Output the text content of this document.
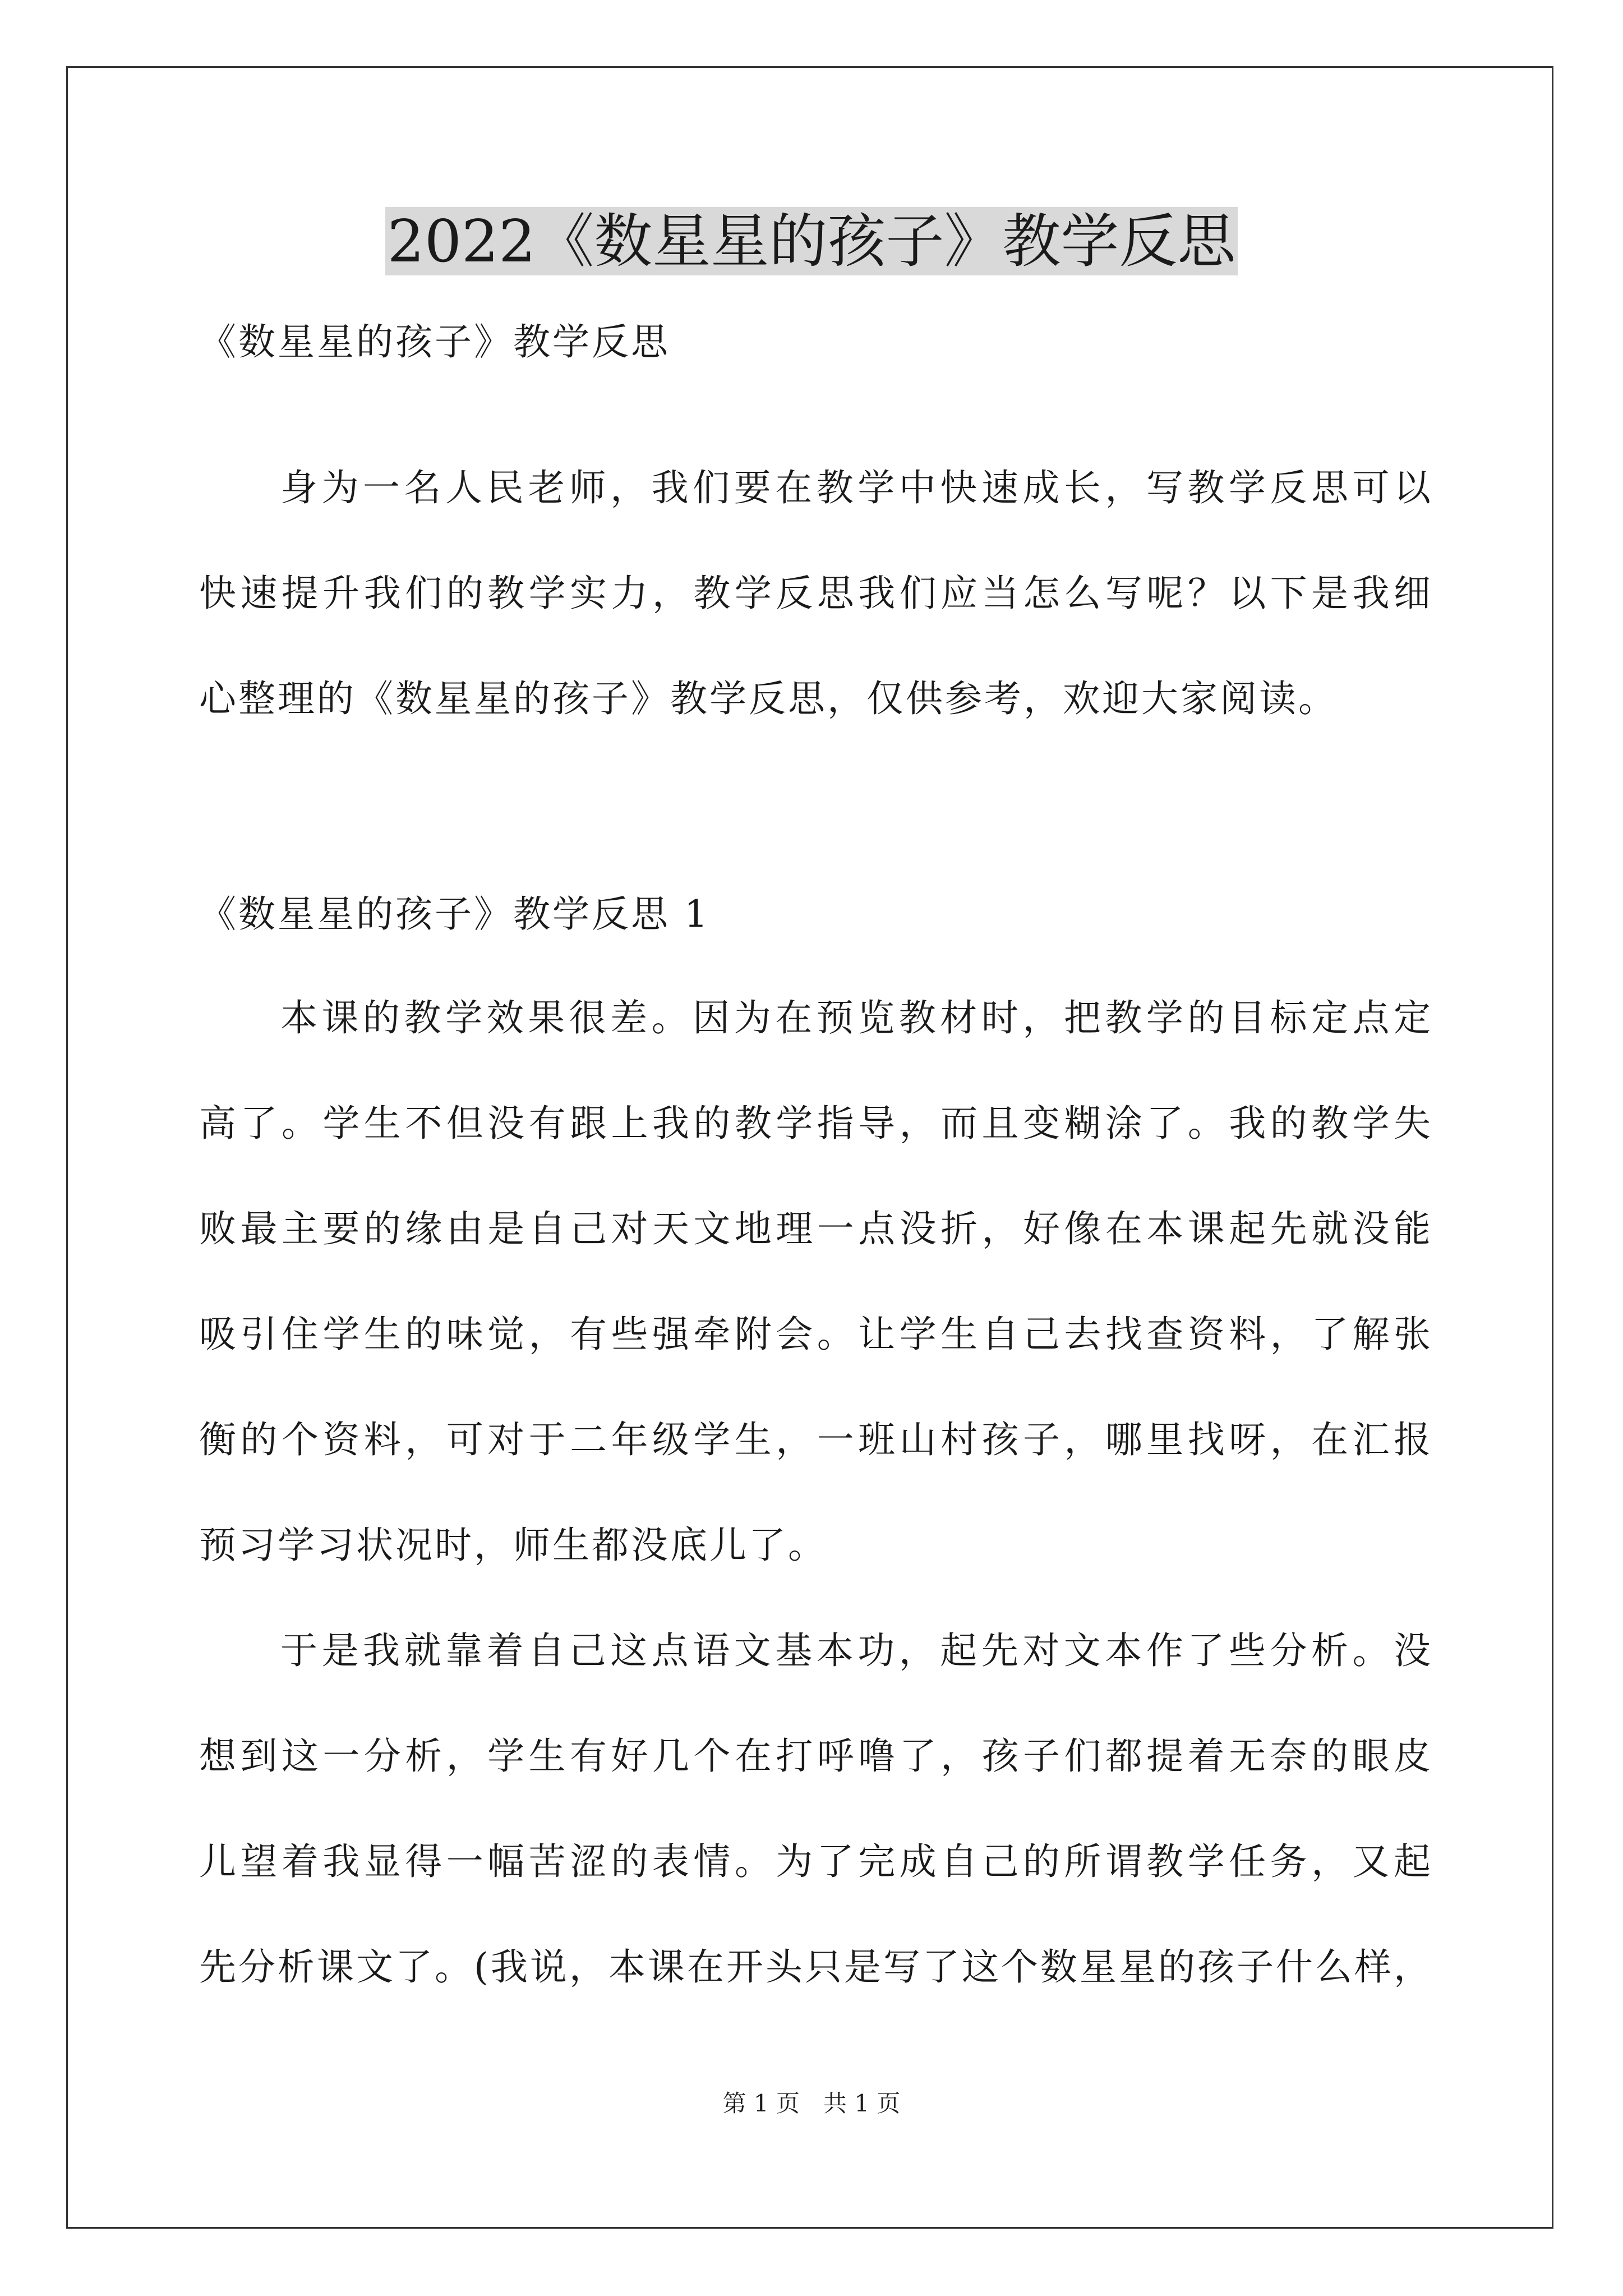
2022《数星星的孩子》教学反思
《数星星的孩子》教学反思
身为一名人民老师，我们要在教学中快速成长，写教学反思可以
快速提升我们的教学实力，教学反思我们应当怎么写呢？以下是我细
心整理的《数星星的孩子》教学反思，仅供参考，欢迎大家阅读。
《数星星的孩子》教学反思 1
本课的教学效果很差。因为在预览教材时，把教学的目标定点定
高了。学生不但没有跟上我的教学指导，而且变糊涂了。我的教学失
败最主要的缘由是自己对天文地理一点没折，好像在本课起先就没能
吸引住学生的味觉，有些强牵附会。让学生自己去找查资料，了解张
衡的个资料，可对于二年级学生，一班山村孩子，哪里找呀，在汇报
预习学习状况时，师生都没底儿了。
于是我就靠着自己这点语文基本功，起先对文本作了些分析。没
想到这一分析，学生有好几个在打呼噜了，孩子们都提着无奈的眼皮
儿望着我显得一幅苦涩的表情。为了完成自己的所谓教学任务，又起
先分析课文了。(我说，本课在开头只是写了这个数星星的孩子什么样，
第 1 页　共 1 页
